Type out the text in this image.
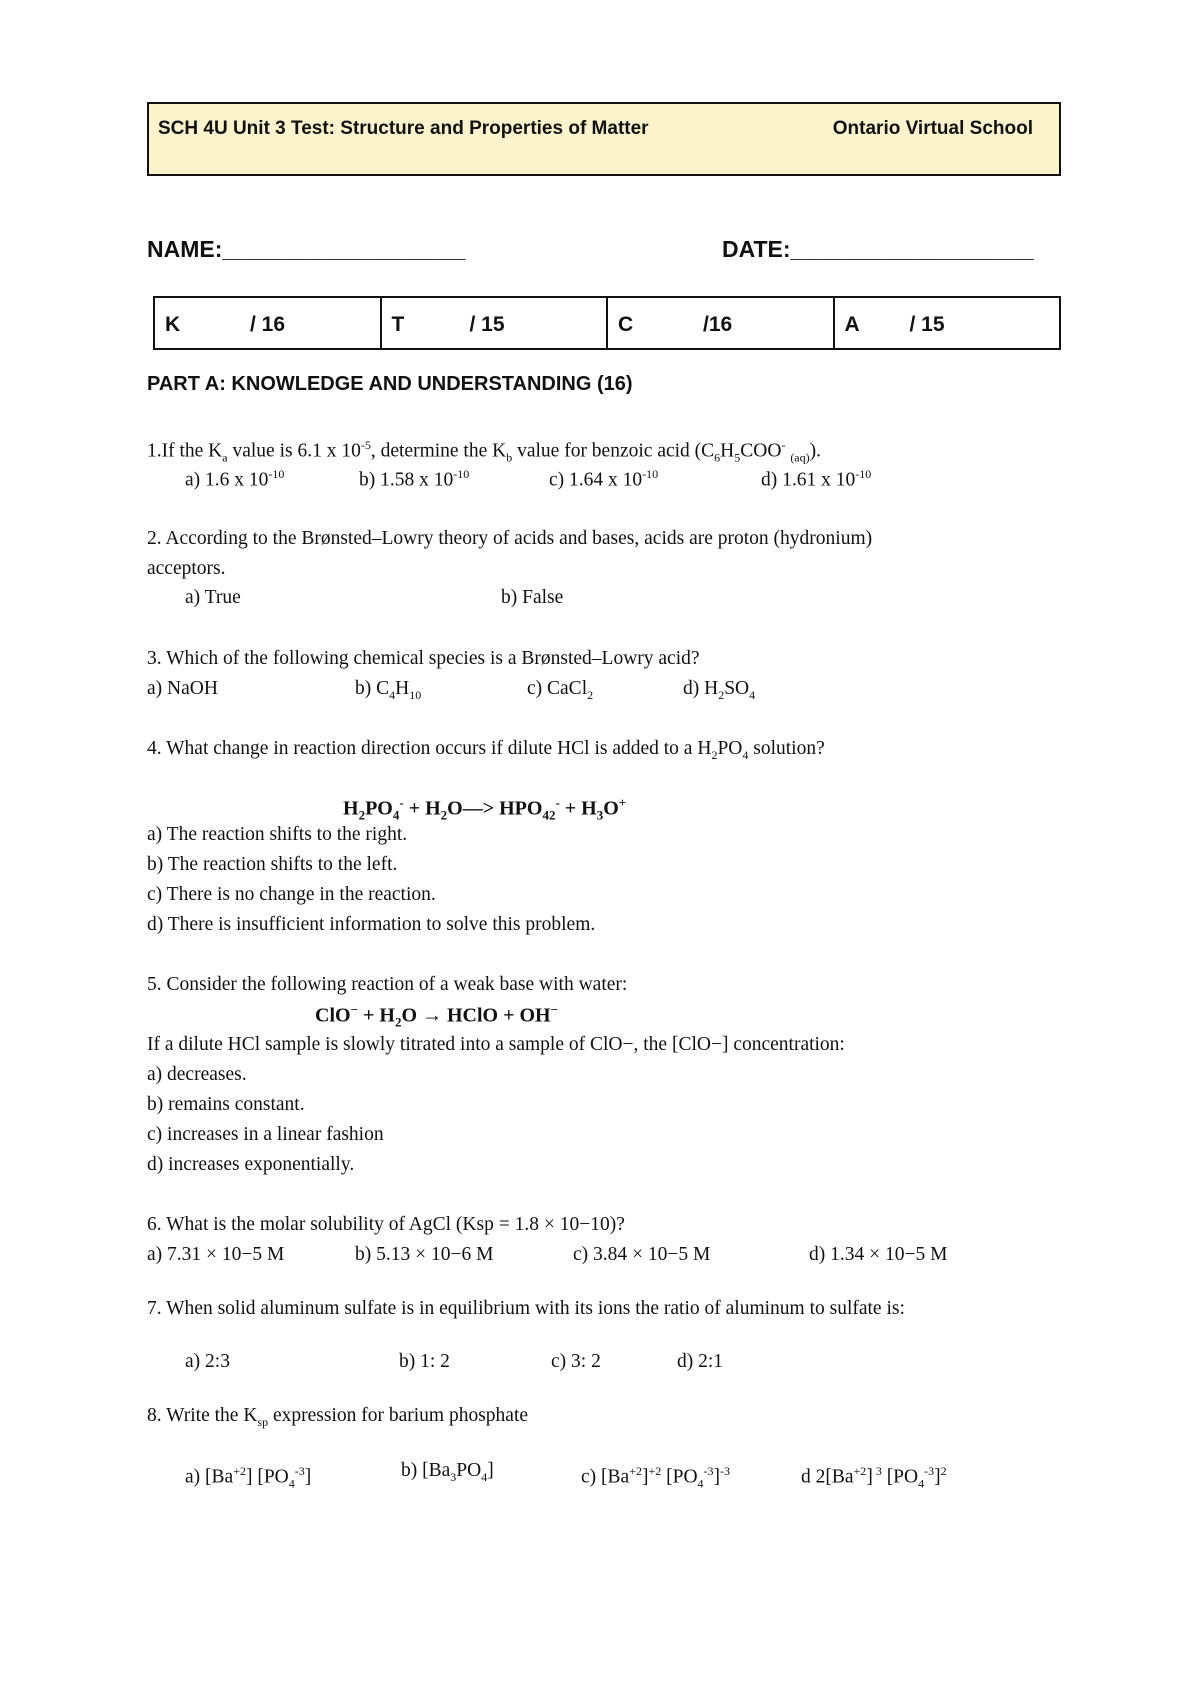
SCH 4U Unit 3 Test: Structure and Properties of Matter	Ontario Virtual School
NAME:___________________	DATE:___________________
K	/ 16	T	/ 15	C	/16	A / 15
PART A: KNOWLEDGE AND UNDERSTANDING (16)
1.If the $K_a$ value is 6.1 x $10^{-5}$, determine the $K_b$ value for benzoic acid ($C_6H_5COO^-$ $_{(aq)}$).
a) 1.6 x $10^{-10}$	b) 1.58 x $10^{-10}$	c) 1.64 x $10^{-10}$	d) 1.61 x $10^{-10}$
2. According to the Brønsted–Lowry theory of acids and bases, acids are proton (hydronium)
acceptors.
a) True	b) False
3. Which of the following chemical species is a Brønsted–Lowry acid?
a) NaOH	b) $C_4H_{10}$	c) CaCl$_2$	d) $H_2SO_4$
4. What change in reaction direction occurs if dilute HCl is added to a $H_2PO_4$ solution?
$H_2PO_4^-$ + $H_2O—> HPO_{42}^- + H_3O^+$
a) The reaction shifts to the right.
b) The reaction shifts to the left.
c) There is no change in the reaction.
d) There is insufficient information to solve this problem.
5. Consider the following reaction of a weak base with water:
$ClO^- + H_2O$ → HClO + OH−
If a dilute HCl sample is slowly titrated into a sample of ClO−, the [ClO−] concentration:
a) decreases.
b) remains constant.
c) increases in a linear fashion
d) increases exponentially.
6. What is the molar solubility of AgCl (Ksp = 1.8 × 10−10)?
a) 7.31 × 10−5 M	b) 5.13 × 10−6 M	c) 3.84 × 10−5 M	d) 1.34 × 10−5 M
7. When solid aluminum sulfate is in equilibrium with its ions the ratio of aluminum to sulfate is:
a) 2:3	b) 1: 2	c) 3: 2	d) 2:1
8. Write the $K_{sp}$ expression for barium phosphate
a) $[Ba^{+2}]$ $[PO_4^{-3}]$	b) $[Ba_3PO_4]$	c) $[Ba^{+2}]^{+2}$ $[PO_4^{-3}]^{-3}$	d $2[Ba^{+2}]$ $^3$ $[PO_4^{-3}]^2$
